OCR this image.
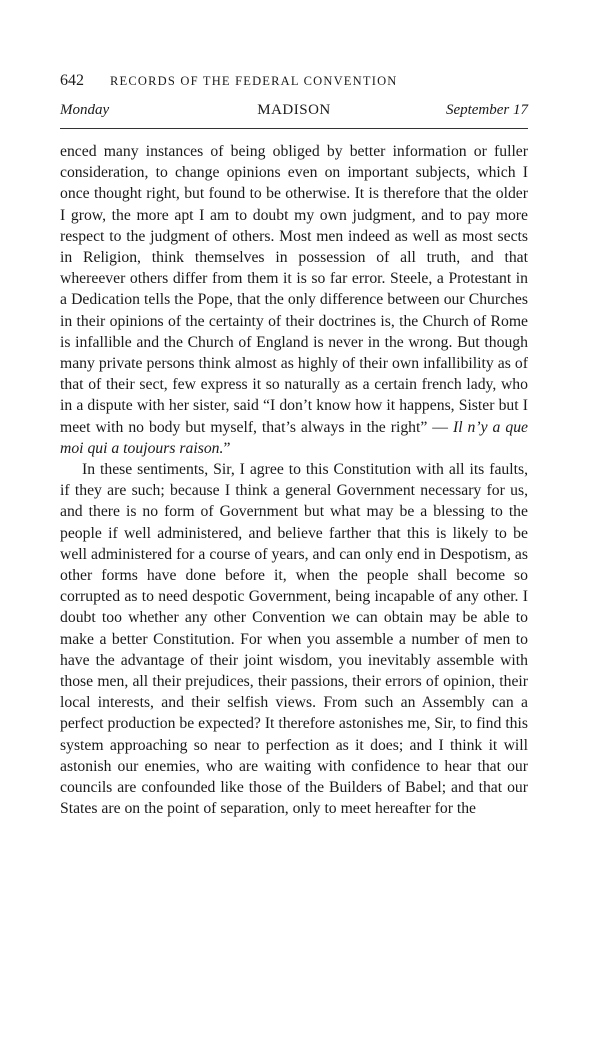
642 RECORDS OF THE FEDERAL CONVENTION
Monday	MADISON	September 17

enced many instances of being obliged by better information or fuller consideration, to change opinions even on important subjects, which I once thought right, but found to be otherwise. It is therefore that the older I grow, the more apt I am to doubt my own judgment, and to pay more respect to the judgment of others. Most men indeed as well as most sects in Religion, think themselves in possession of all truth, and that whereever others differ from them it is so far error. Steele, a Protestant in a Dedication tells the Pope, that the only difference between our Churches in their opinions of the certainty of their doctrines is, the Church of Rome is infallible and the Church of England is never in the wrong. But though many private persons think almost as highly of their own infallibility as of that of their sect, few express it so naturally as a certain french lady, who in a dispute with her sister, said “I don’t know how it happens, Sister but I meet with no body but myself, that’s always in the right” — Il n’y a que moi qui a toujours raison.”

In these sentiments, Sir, I agree to this Constitution with all its faults, if they are such; because I think a general Government necessary for us, and there is no form of Government but what may be a blessing to the people if well administered, and believe farther that this is likely to be well administered for a course of years, and can only end in Despotism, as other forms have done before it, when the people shall become so corrupted as to need despotic Government, being incapable of any other. I doubt too whether any other Convention we can obtain may be able to make a better Constitution. For when you assemble a number of men to have the advantage of their joint wisdom, you inevitably assemble with those men, all their prejudices, their passions, their errors of opinion, their local interests, and their selfish views. From such an Assembly can a perfect production be expected? It therefore astonishes me, Sir, to find this system approaching so near to perfection as it does; and I think it will astonish our enemies, who are waiting with confidence to hear that our councils are confounded like those of the Builders of Babel; and that our States are on the point of separation, only to meet hereafter for the
